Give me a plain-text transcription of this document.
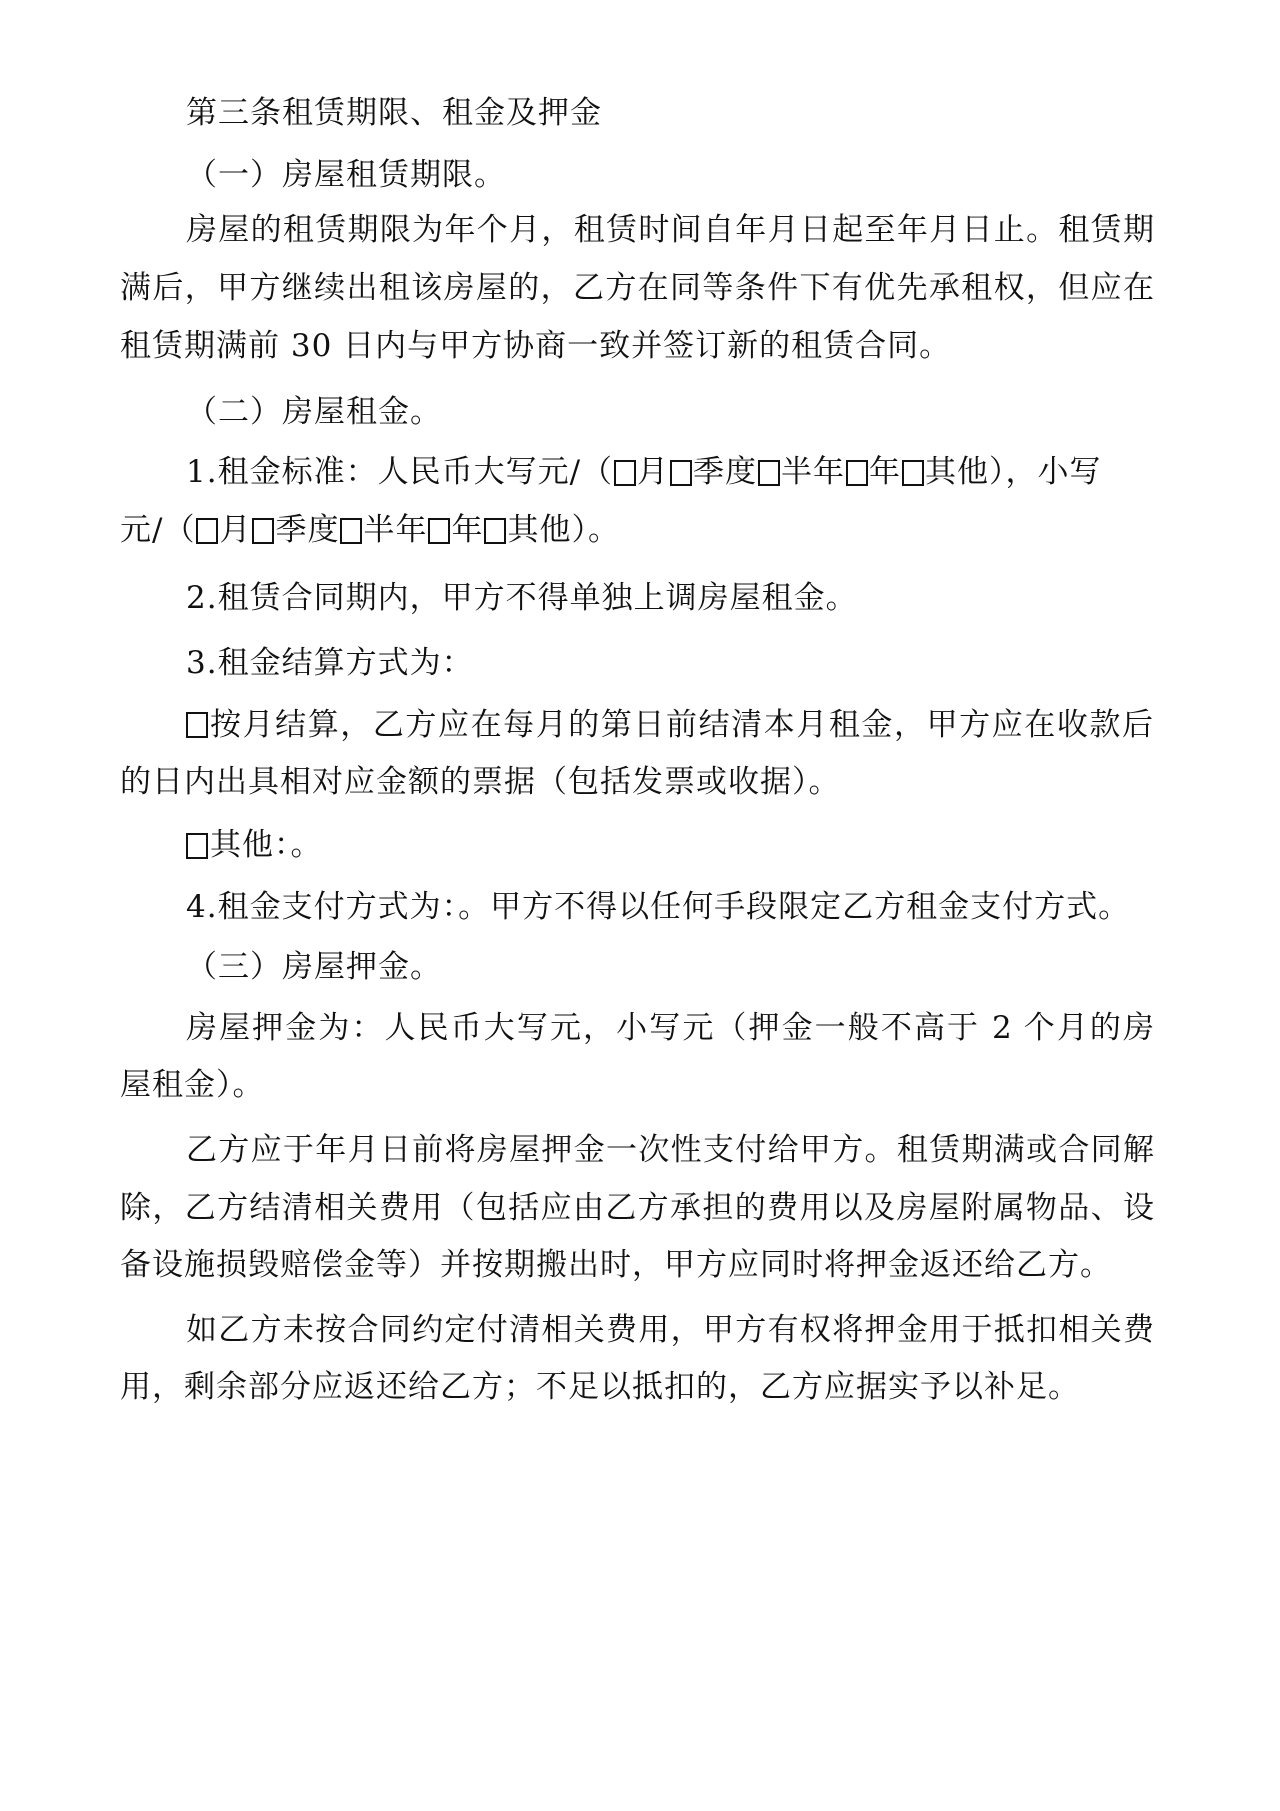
第三条租赁期限、租金及押金
（一）房屋租赁期限。
房屋的租赁期限为年个月，租赁时间自年月日起至年月日止。租赁期
满后，甲方继续出租该房屋的，乙方在同等条件下有优先承租权，但应在
租赁期满前 30 日内与甲方协商一致并签订新的租赁合同。
（二）房屋租金。
1.租金标准：人民币大写元/（ 月 季度 半年 年 其他），小写
元/（ 月 季度 半年 年 其他）。
2.租赁合同期内，甲方不得单独上调房屋租金。
3.租金结算方式为：
按月结算，乙方应在每月的第日前结清本月租金，甲方应在收款后
的日内出具相对应金额的票据（包括发票或收据）。
其他：。
4.租金支付方式为：。甲方不得以任何手段限定乙方租金支付方式。
（三）房屋押金。
房屋押金为：人民币大写元，小写元（押金一般不高于 2 个月的房
屋租金）。
乙方应于年月日前将房屋押金一次性支付给甲方。租赁期满或合同解
除，乙方结清相关费用（包括应由乙方承担的费用以及房屋附属物品、设
备设施损毁赔偿金等）并按期搬出时，甲方应同时将押金返还给乙方。
如乙方未按合同约定付清相关费用，甲方有权将押金用于抵扣相关费
用，剩余部分应返还给乙方；不足以抵扣的，乙方应据实予以补足。
